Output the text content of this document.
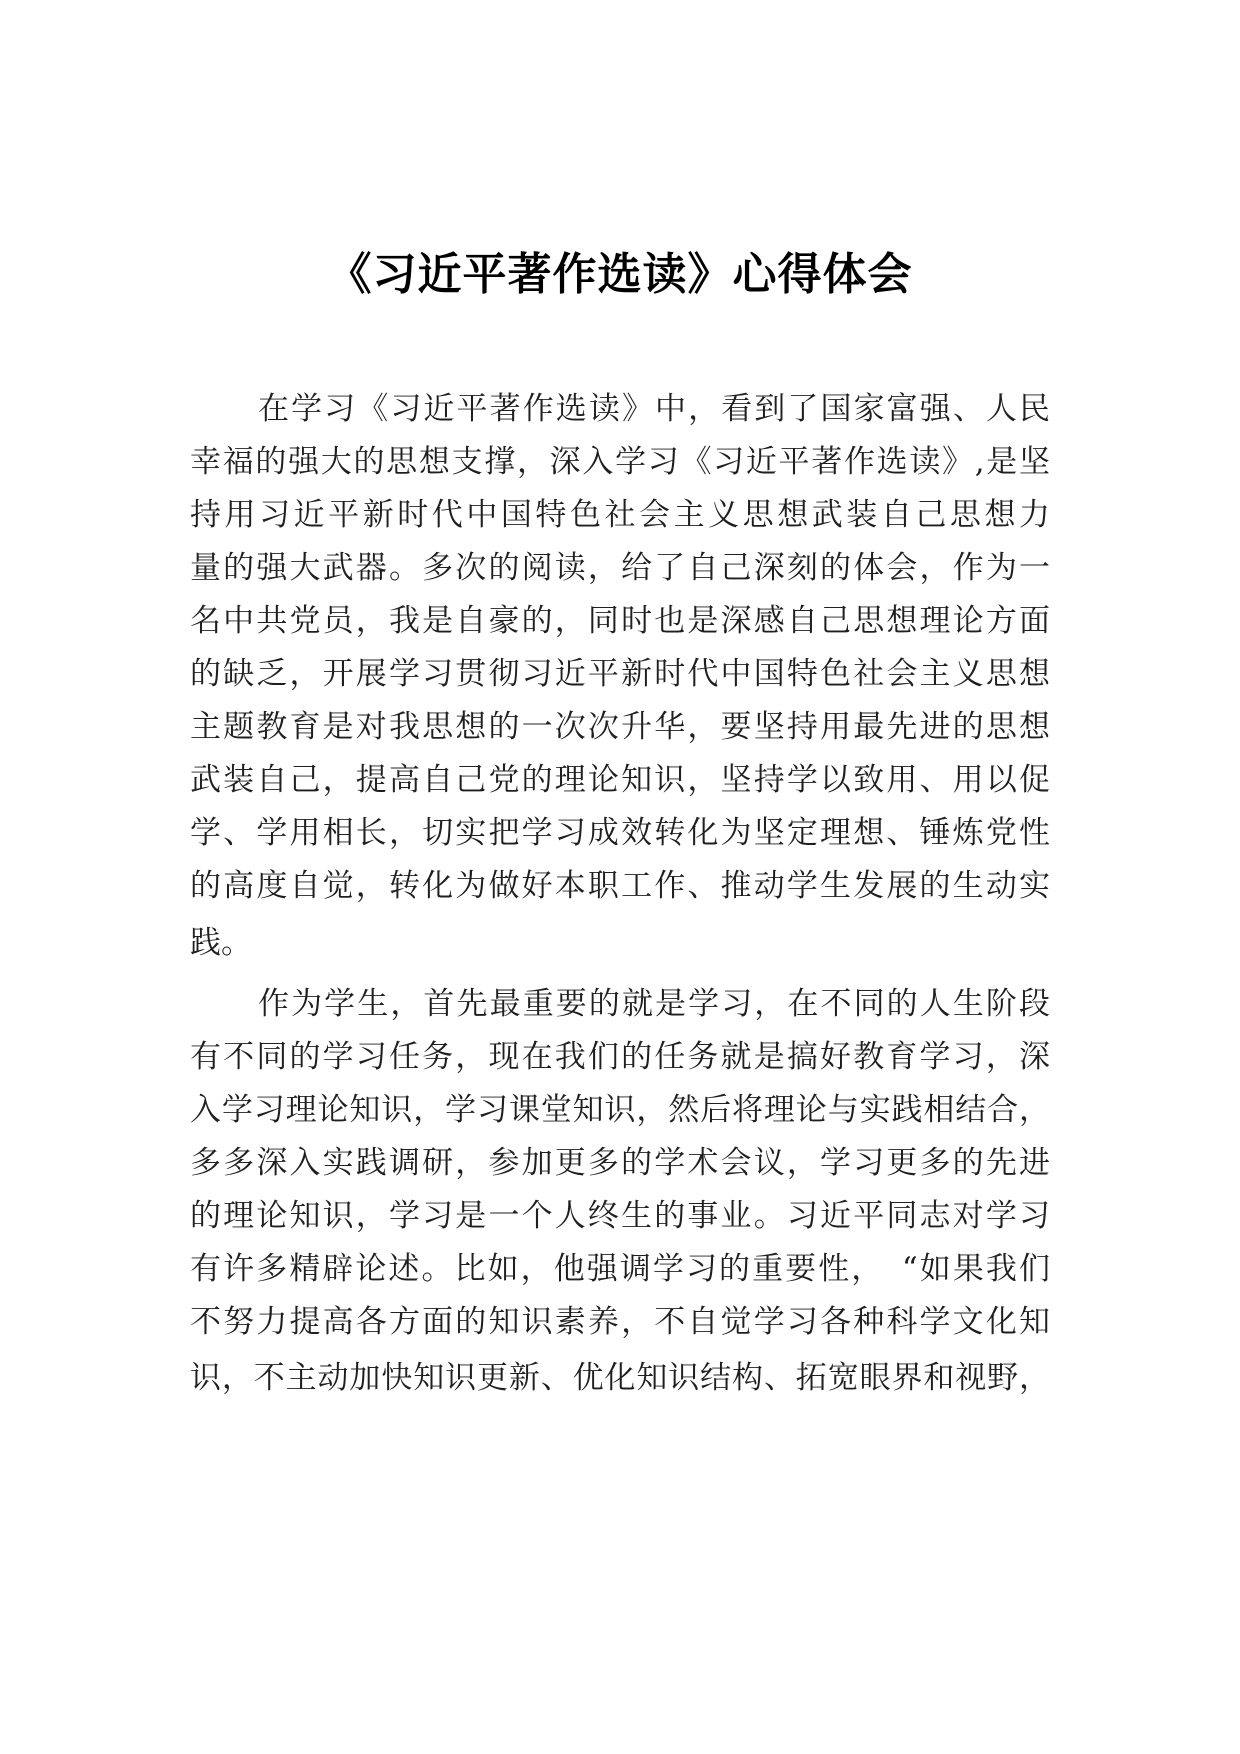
《习近平著作选读》心得体会
在学习《习近平著作选读》中，看到了国家富强、人民
幸福的强大的思想支撑，深入学习《习近平著作选读》,是坚
持用习近平新时代中国特色社会主义思想武装自己思想力
量的强大武器。多次的阅读，给了自己深刻的体会，作为一
名中共党员，我是自豪的，同时也是深感自己思想理论方面
的缺乏，开展学习贯彻习近平新时代中国特色社会主义思想
主题教育是对我思想的一次次升华，要坚持用最先进的思想
武装自己，提高自己党的理论知识，坚持学以致用、用以促
学、学用相长，切实把学习成效转化为坚定理想、锤炼党性
的高度自觉，转化为做好本职工作、推动学生发展的生动实
践。
作为学生，首先最重要的就是学习，在不同的人生阶段
有不同的学习任务，现在我们的任务就是搞好教育学习，深
入学习理论知识，学习课堂知识，然后将理论与实践相结合，
多多深入实践调研，参加更多的学术会议，学习更多的先进
的理论知识，学习是一个人终生的事业。习近平同志对学习
有许多精辟论述。比如，他强调学习的重要性，　“如果我们
不努力提高各方面的知识素养，不自觉学习各种科学文化知
识，不主动加快知识更新、优化知识结构、拓宽眼界和视野，
